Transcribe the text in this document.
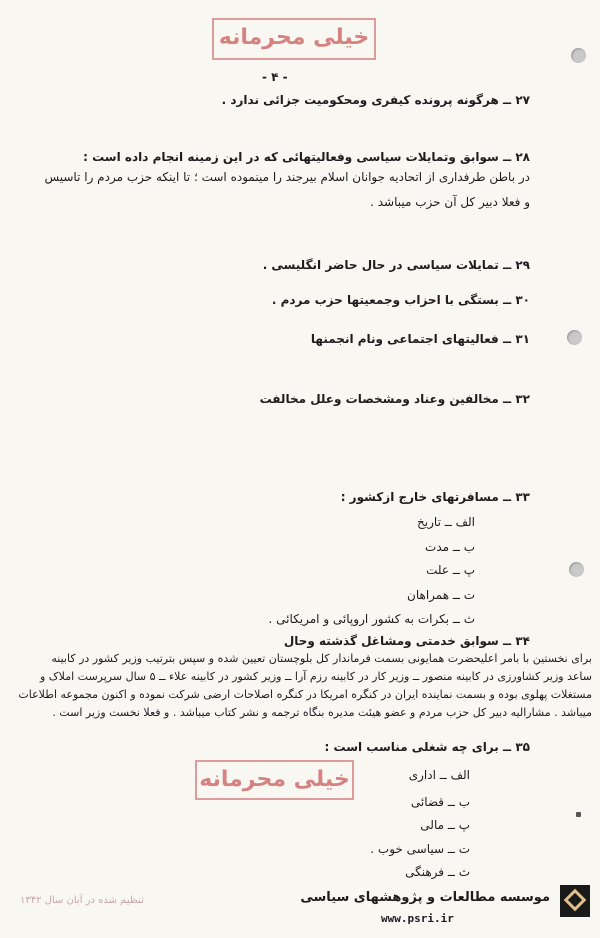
خیلی محرمانه
- ۴ -
۲۷ ــ هرگونه پرونده کیفری ومحکومیت جزائی ندارد .
۲۸ ــ سوابق وتمایلات سیاسی وفعالیتهائی که در این زمینه انجام داده است :
در باطن طرفداری از اتحادیه جوانان اسلام بیرجند را مینموده است ؛ تا اینکه حزب مردم را تاسیس
و فعلا دبیر کل آن حزب میباشد .
۲۹ ــ تمایلات سیاسی در حال حاضر انگلیسی .
۳۰ ــ بستگی با احزاب وجمعیتها حزب مردم .
۳۱ ــ فعالیتهای اجتماعی ونام انجمنها
۳۲ ــ مخالفین وعناد ومشخصات وعلل مخالفت
۳۳ ــ مسافرتهای خارج ازکشور :
الف ــ تاریخ
ب ــ مدت
پ ــ علت
ت ــ همراهان
ث ــ بکرات به کشور اروپائی و امریکائی .
۳۴ ــ سوابق خدمتی ومشاغل گذشته وحال
برای نخستین با بامر اعلیحضرت همایونی بسمت فرماندار کل بلوچستان تعیین شده و سپس بترتیب وزیر کشور در کابینه
ساعد وزیر کشاورزی در کابینه منصور ــ وزیر کار در کابینه رزم آرا ــ وزیر کشور در کابینه علاء ــ ۵ سال سرپرست املاک و
مستغلات پهلوی بوده و بسمت نماینده ایران در کنگره امریکا در کنگره اصلاحات ارضی شرکت نموده و اکنون مجموعه اطلاعات
میباشد . مشارالیه دبیر کل حزب مردم و عضو هیئت مدیره بنگاه ترجمه و نشر کتاب میباشد . و فعلا نخست وزیر است .
۳۵ ــ برای چه شغلی مناسب است :
الف ــ اداری
ب ــ قضائی
پ ــ مالی
ت ــ سیاسی خوب .
ث ــ فرهنگی
خیلی محرمانه
تنظیم شده در آبان سال ۱۳۴۲	موسسه مطالعات و پژوهشهای سیاسی
www.psri.ir
